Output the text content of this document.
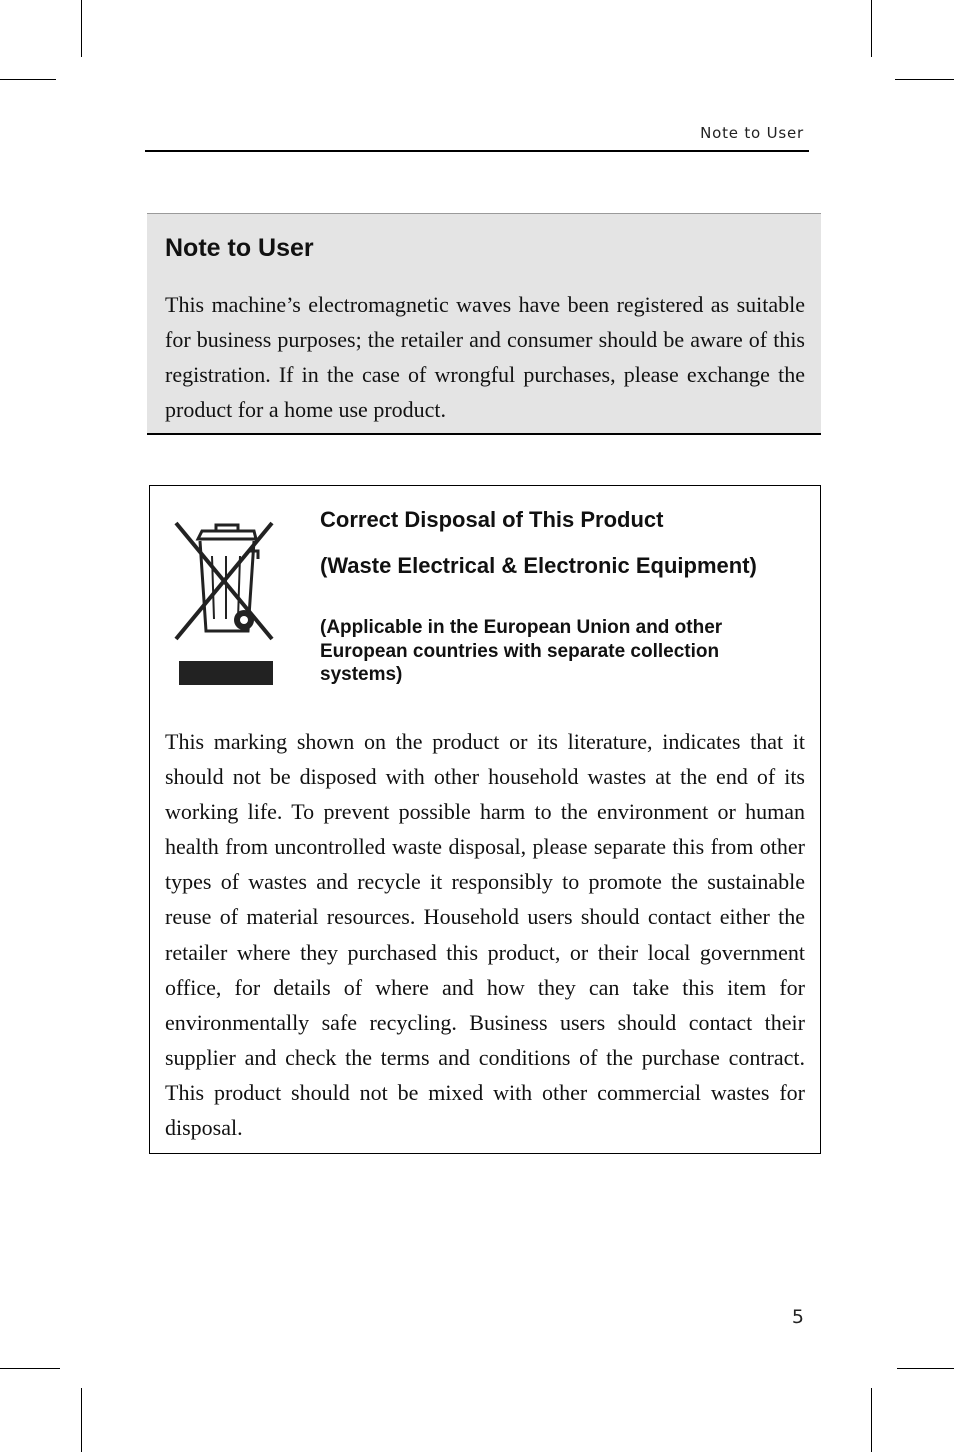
Note to User
Note to User
This machine’s electromagnetic waves have been registered as suitable for business purposes; the retailer and consumer should be aware of this registration. If in the case of wrongful purchases, please exchange the product for a home use product.
Correct Disposal of This Product
(Waste Electrical & Electronic Equipment)
(Applicable in the European Union and other European countries with separate collection systems)
This marking shown on the product or its literature, indicates that it should not be disposed with other household wastes at the end of its working life. To prevent possible harm to the environment or human health from uncontrolled waste disposal, please separate this from other types of wastes and recycle it responsibly to promote the sustainable reuse of material resources. Household users should contact either the retailer where they purchased this product, or their local government office, for details of where and how they can take this item for environmentally safe recycling. Business users should contact their supplier and check the terms and conditions of the purchase contract. This product should not be mixed with other commercial wastes for disposal.
5
